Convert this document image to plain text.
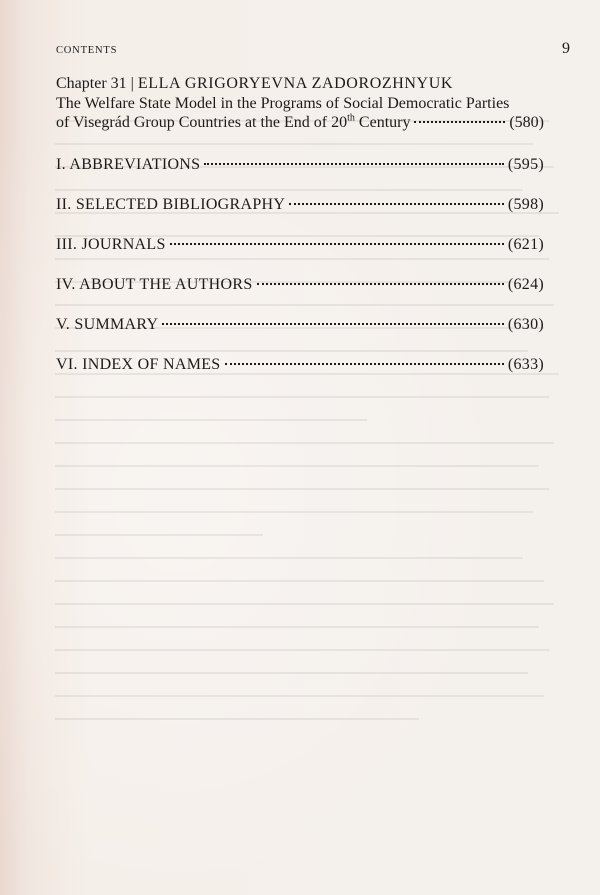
CONTENTS	9
Chapter 31 | ELLA GRIGORYEVNA ZADOROZHNYUK
The Welfare State Model in the Programs of Social Democratic Parties
of Visegrád Group Countries at the End of 20th Century	(580)
I. ABBREVIATIONS	(595)
II. SELECTED BIBLIOGRAPHY	(598)
III. JOURNALS	(621)
IV. ABOUT THE AUTHORS	(624)
V. SUMMARY	(630)
VI. INDEX OF NAMES	(633)
